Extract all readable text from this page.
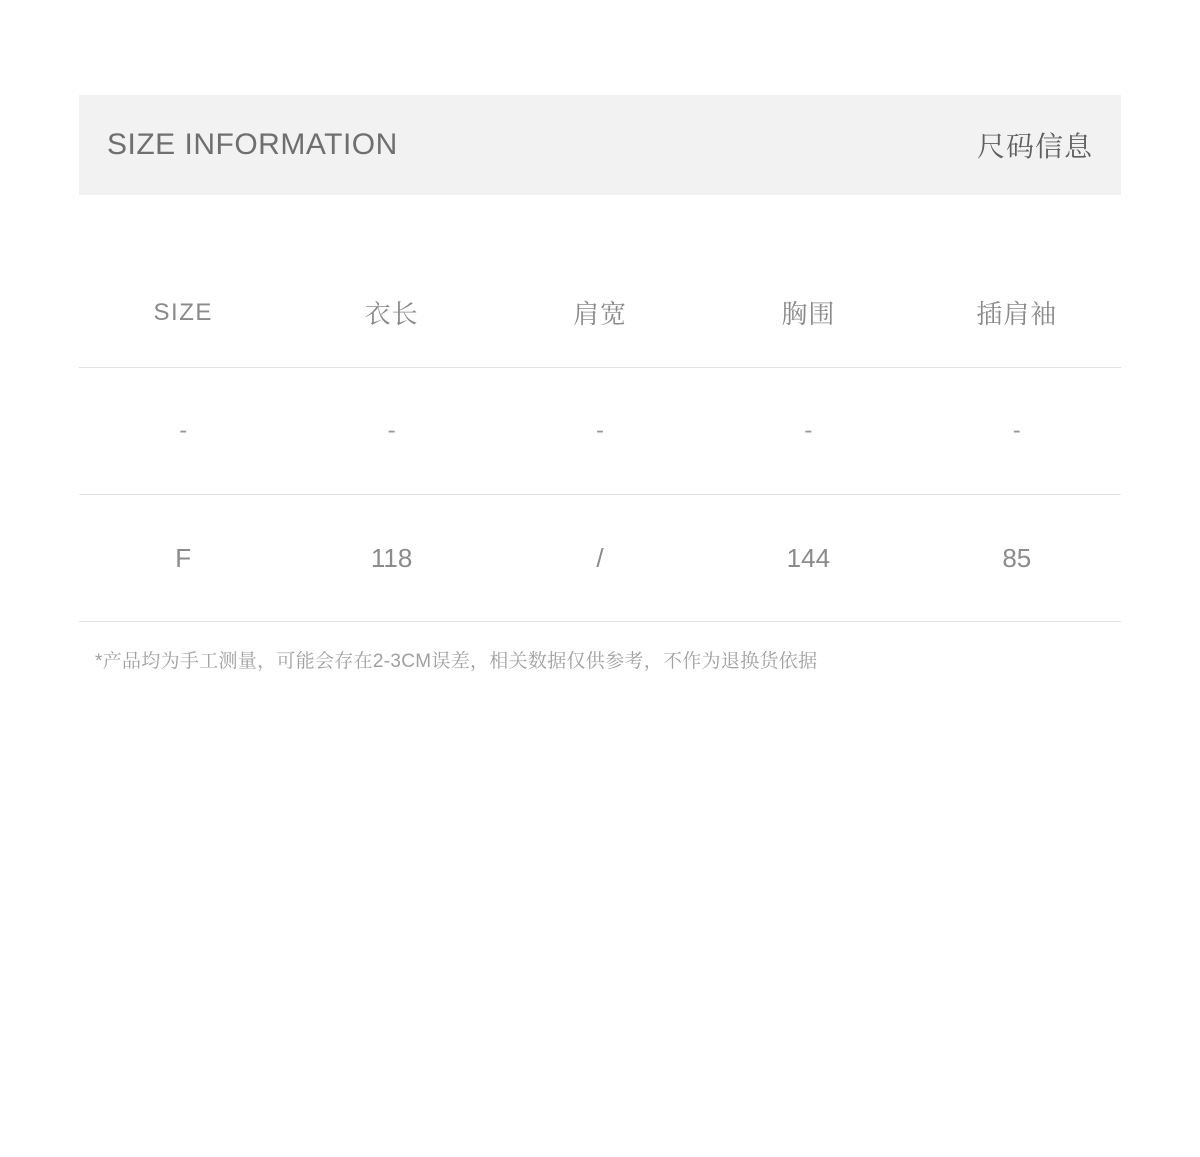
SIZE INFORMATION	尺码信息
SIZE	衣长	肩宽	胸围	插肩袖
-	-	-	-	-
F	118	/	144	85

*产品均为手工测量，可能会存在2-3CM误差，相关数据仅供参考，不作为退换货依据
